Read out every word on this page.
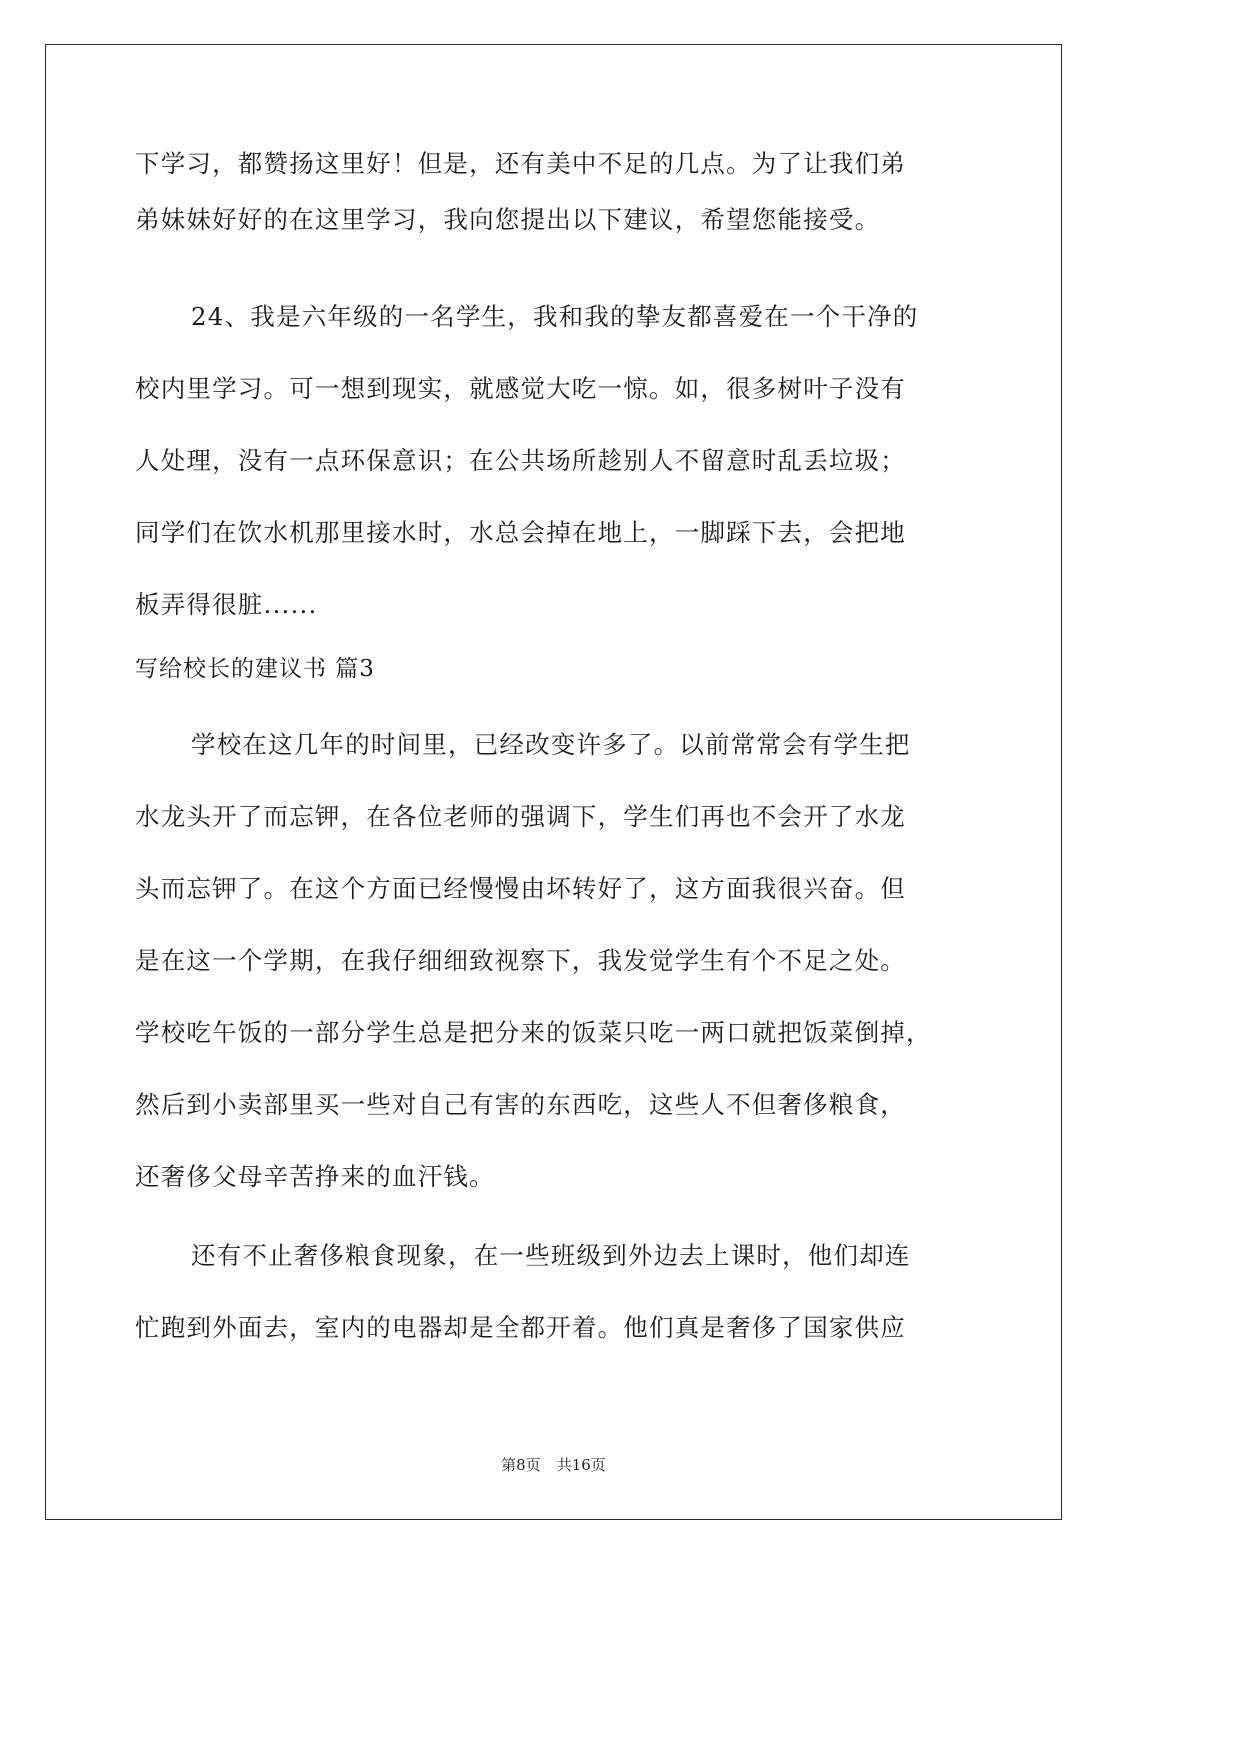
下学习，都赞扬这里好！但是，还有美中不足的几点。为了让我们弟
弟妹妹好好的在这里学习，我向您提出以下建议，希望您能接受。
24、我是六年级的一名学生，我和我的挚友都喜爱在一个干净的
校内里学习。可一想到现实，就感觉大吃一惊。如，很多树叶子没有
人处理，没有一点环保意识；在公共场所趁别人不留意时乱丢垃圾；
同学们在饮水机那里接水时，水总会掉在地上，一脚踩下去，会把地
板弄得很脏......
写给校长的建议书 篇3
学校在这几年的时间里，已经改变许多了。以前常常会有学生把
水龙头开了而忘钾，在各位老师的强调下，学生们再也不会开了水龙
头而忘钾了。在这个方面已经慢慢由坏转好了，这方面我很兴奋。但
是在这一个学期，在我仔细细致视察下，我发觉学生有个不足之处。
学校吃午饭的一部分学生总是把分来的饭菜只吃一两口就把饭菜倒掉，
然后到小卖部里买一些对自己有害的东西吃，这些人不但奢侈粮食，
还奢侈父母辛苦挣来的血汗钱。
还有不止奢侈粮食现象，在一些班级到外边去上课时，他们却连
忙跑到外面去，室内的电器却是全都开着。他们真是奢侈了国家供应
第8页 共16页
